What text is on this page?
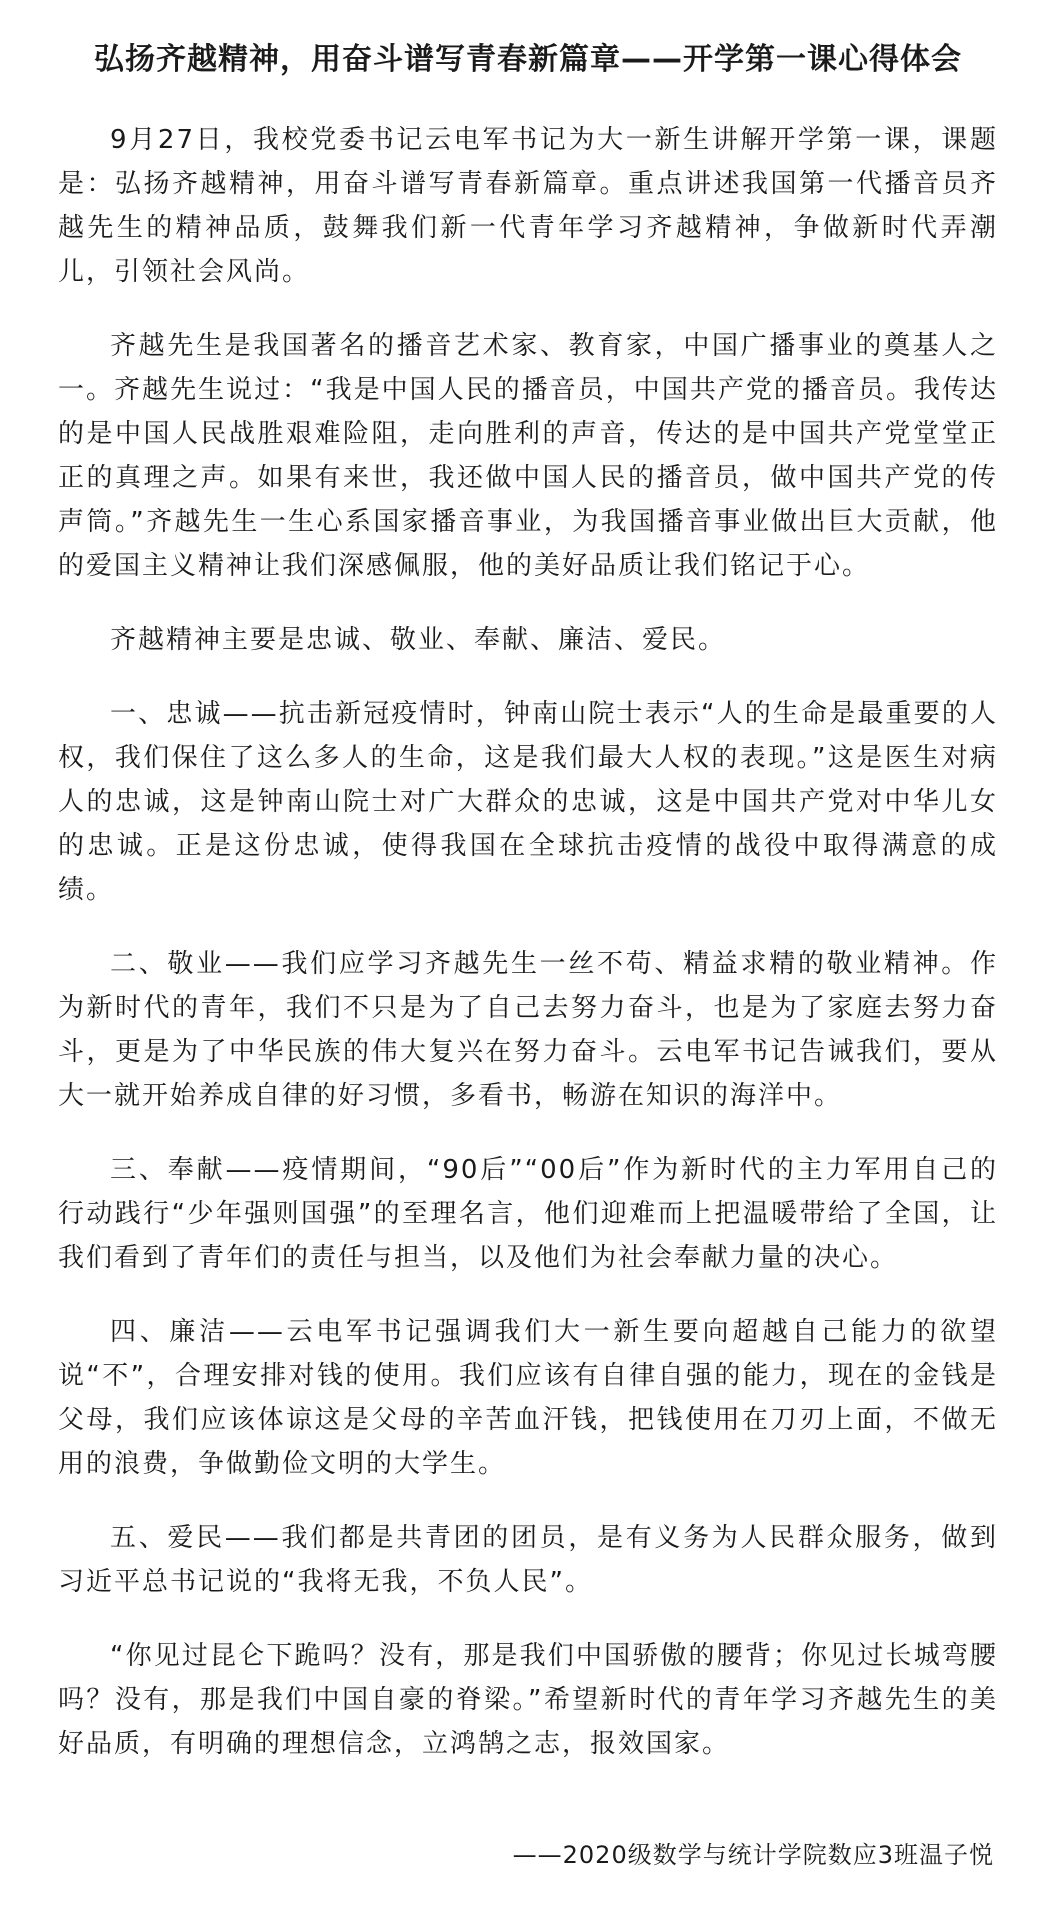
弘扬齐越精神，用奋斗谱写青春新篇章——开学第一课心得体会

9月27日，我校党委书记云电军书记为大一新生讲解开学第一课，课题是：弘扬齐越精神，用奋斗谱写青春新篇章。重点讲述我国第一代播音员齐越先生的精神品质，鼓舞我们新一代青年学习齐越精神，争做新时代弄潮儿，引领社会风尚。

齐越先生是我国著名的播音艺术家、教育家，中国广播事业的奠基人之一。齐越先生说过：“我是中国人民的播音员，中国共产党的播音员。我传达的是中国人民战胜艰难险阻，走向胜利的声音，传达的是中国共产党堂堂正正的真理之声。如果有来世，我还做中国人民的播音员，做中国共产党的传声筒。”齐越先生一生心系国家播音事业，为我国播音事业做出巨大贡献，他的爱国主义精神让我们深感佩服，他的美好品质让我们铭记于心。

齐越精神主要是忠诚、敬业、奉献、廉洁、爱民。

一、忠诚——抗击新冠疫情时，钟南山院士表示“人的生命是最重要的人权，我们保住了这么多人的生命，这是我们最大人权的表现。”这是医生对病人的忠诚，这是钟南山院士对广大群众的忠诚，这是中国共产党对中华儿女的忠诚。正是这份忠诚，使得我国在全球抗击疫情的战役中取得满意的成绩。

二、敬业——我们应学习齐越先生一丝不苟、精益求精的敬业精神。作为新时代的青年，我们不只是为了自己去努力奋斗，也是为了家庭去努力奋斗，更是为了中华民族的伟大复兴在努力奋斗。云电军书记告诫我们，要从大一就开始养成自律的好习惯，多看书，畅游在知识的海洋中。

三、奉献——疫情期间，“90后”“00后”作为新时代的主力军用自己的行动践行“少年强则国强”的至理名言，他们迎难而上把温暖带给了全国，让我们看到了青年们的责任与担当，以及他们为社会奉献力量的决心。

四、廉洁——云电军书记强调我们大一新生要向超越自己能力的欲望说“不”，合理安排对钱的使用。我们应该有自律自强的能力，现在的金钱是父母，我们应该体谅这是父母的辛苦血汗钱，把钱使用在刀刃上面，不做无用的浪费，争做勤俭文明的大学生。

五、爱民——我们都是共青团的团员，是有义务为人民群众服务，做到习近平总书记说的“我将无我，不负人民”。

“你见过昆仑下跪吗？没有，那是我们中国骄傲的腰背；你见过长城弯腰吗？没有，那是我们中国自豪的脊梁。”希望新时代的青年学习齐越先生的美好品质，有明确的理想信念，立鸿鹄之志，报效国家。

——2020级数学与统计学院数应3班温子悦
